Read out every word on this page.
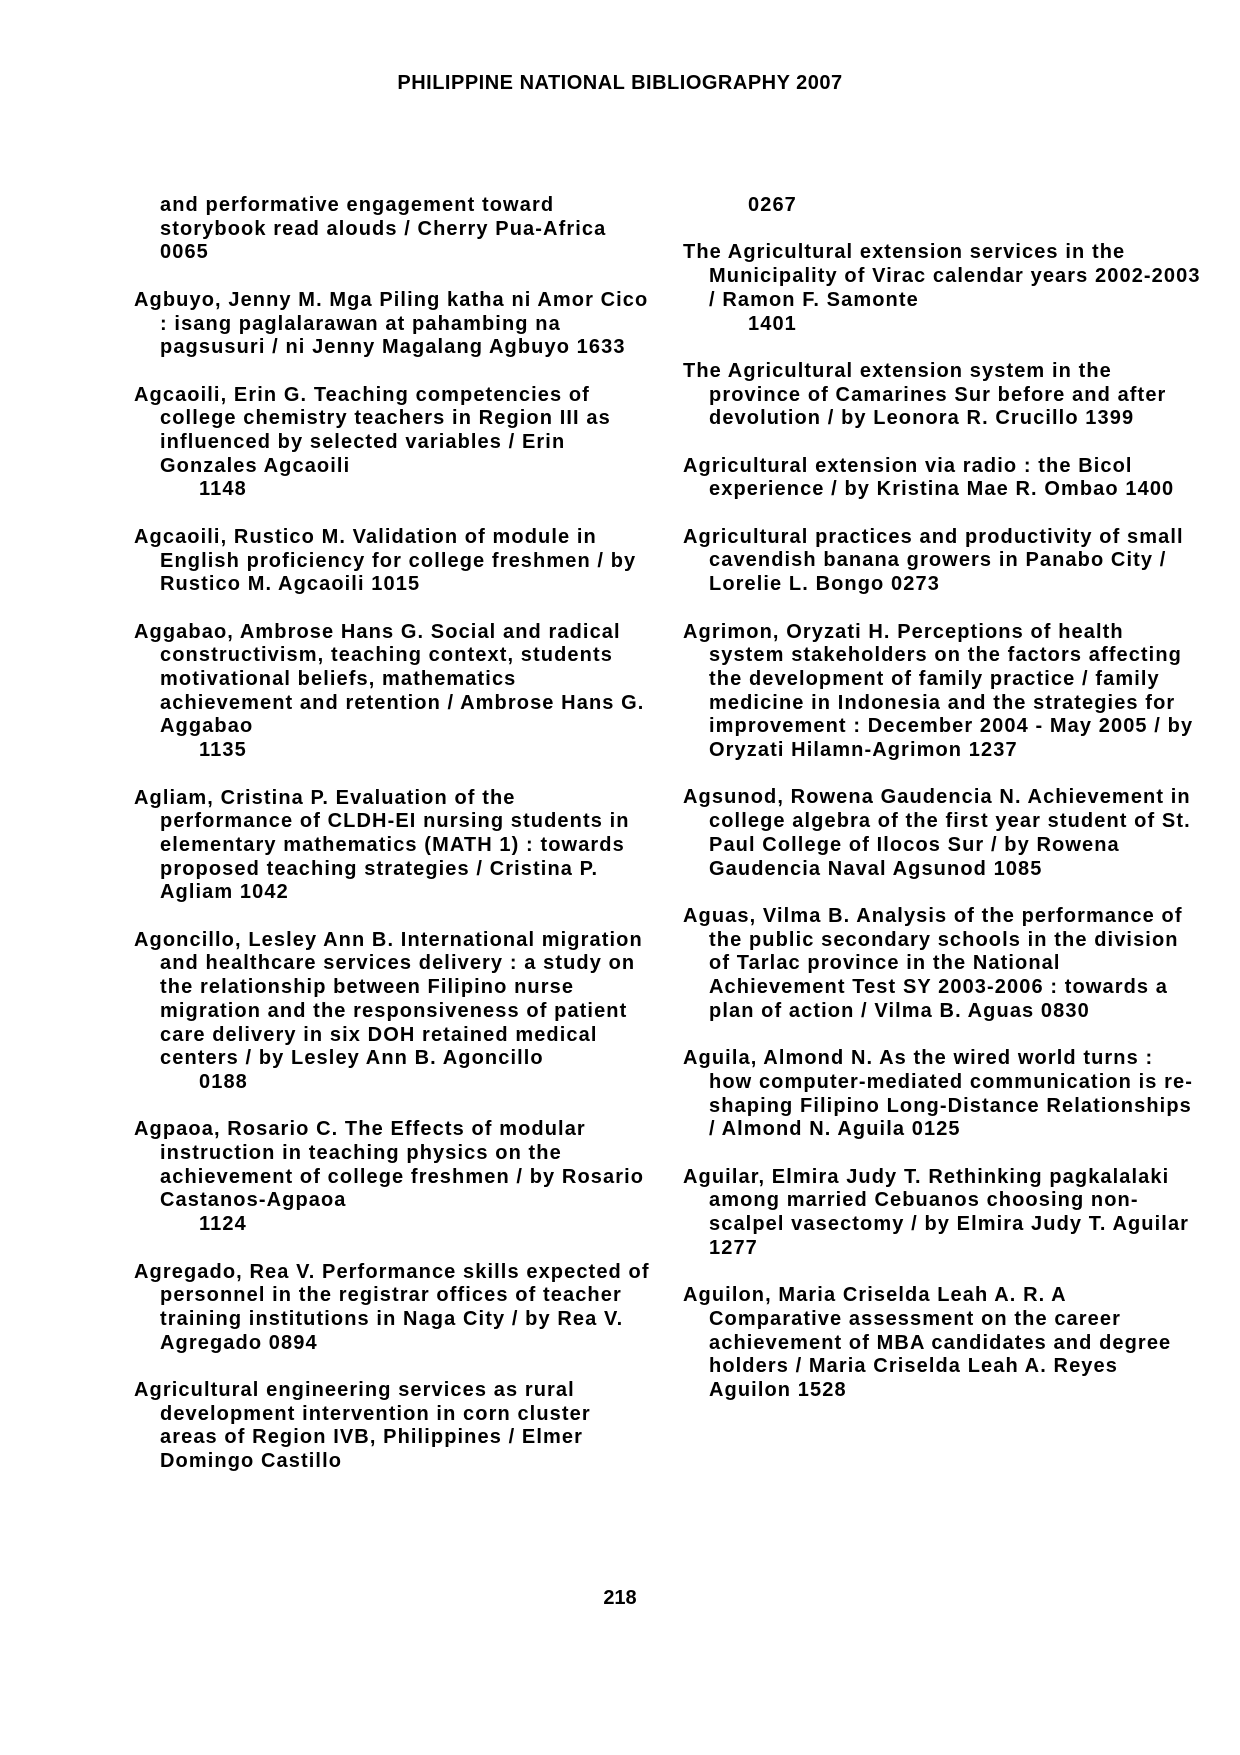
PHILIPPINE NATIONAL BIBLIOGRAPHY 2007
and performative engagement toward storybook read alouds / Cherry Pua-Africa 0065
Agbuyo, Jenny M. Mga Piling katha ni Amor Cico : isang paglalarawan at pahambing na pagsusuri / ni Jenny Magalang Agbuyo 1633
Agcaoili, Erin G. Teaching competencies of college chemistry teachers in Region III as influenced by selected variables / Erin Gonzales Agcaoili
1148
Agcaoili, Rustico M. Validation of module in English proficiency for college freshmen / by Rustico M. Agcaoili 1015
Aggabao, Ambrose Hans G. Social and radical constructivism, teaching context, students motivational beliefs, mathematics achievement and retention / Ambrose Hans G. Aggabao
1135
Agliam, Cristina P. Evaluation of the performance of CLDH-EI nursing students in elementary mathematics (MATH 1) : towards proposed teaching strategies / Cristina P. Agliam 1042
Agoncillo, Lesley Ann B. International migration and healthcare services delivery : a study on the relationship between Filipino nurse migration and the responsiveness of patient care delivery in six DOH retained medical centers / by Lesley Ann B. Agoncillo
0188
Agpaoa, Rosario C. The Effects of modular instruction in teaching physics on the achievement of college freshmen / by Rosario Castanos-Agpaoa
1124
Agregado, Rea V. Performance skills expected of personnel in the registrar offices of teacher training institutions in Naga City / by Rea V. Agregado 0894
Agricultural engineering services as rural development intervention in corn cluster areas of Region IVB, Philippines / Elmer Domingo Castillo
0267
The Agricultural extension services in the Municipality of Virac calendar years 2002-2003 / Ramon F. Samonte
1401
The Agricultural extension system in the province of Camarines Sur before and after devolution / by Leonora R. Crucillo 1399
Agricultural extension via radio : the Bicol experience / by Kristina Mae R. Ombao 1400
Agricultural practices and productivity of small cavendish banana growers in Panabo City / Lorelie L. Bongo 0273
Agrimon, Oryzati H. Perceptions of health system stakeholders on the factors affecting the development of family practice / family medicine in Indonesia and the strategies for improvement : December 2004 - May 2005 / by Oryzati Hilamn-Agrimon 1237
Agsunod, Rowena Gaudencia N. Achievement in college algebra of the first year student of St. Paul College of Ilocos Sur / by Rowena Gaudencia Naval Agsunod 1085
Aguas, Vilma B. Analysis of the performance of the public secondary schools in the division of Tarlac province in the National Achievement Test SY 2003-2006 : towards a plan of action / Vilma B. Aguas 0830
Aguila, Almond N. As the wired world turns : how computer-mediated communication is re-shaping Filipino Long-Distance Relationships / Almond N. Aguila 0125
Aguilar, Elmira Judy T. Rethinking pagkalalaki among married Cebuanos choosing non-scalpel vasectomy / by Elmira Judy T. Aguilar 1277
Aguilon, Maria Criselda Leah A. R. A Comparative assessment on the career achievement of MBA candidates and degree holders / Maria Criselda Leah A. Reyes Aguilon 1528
218
